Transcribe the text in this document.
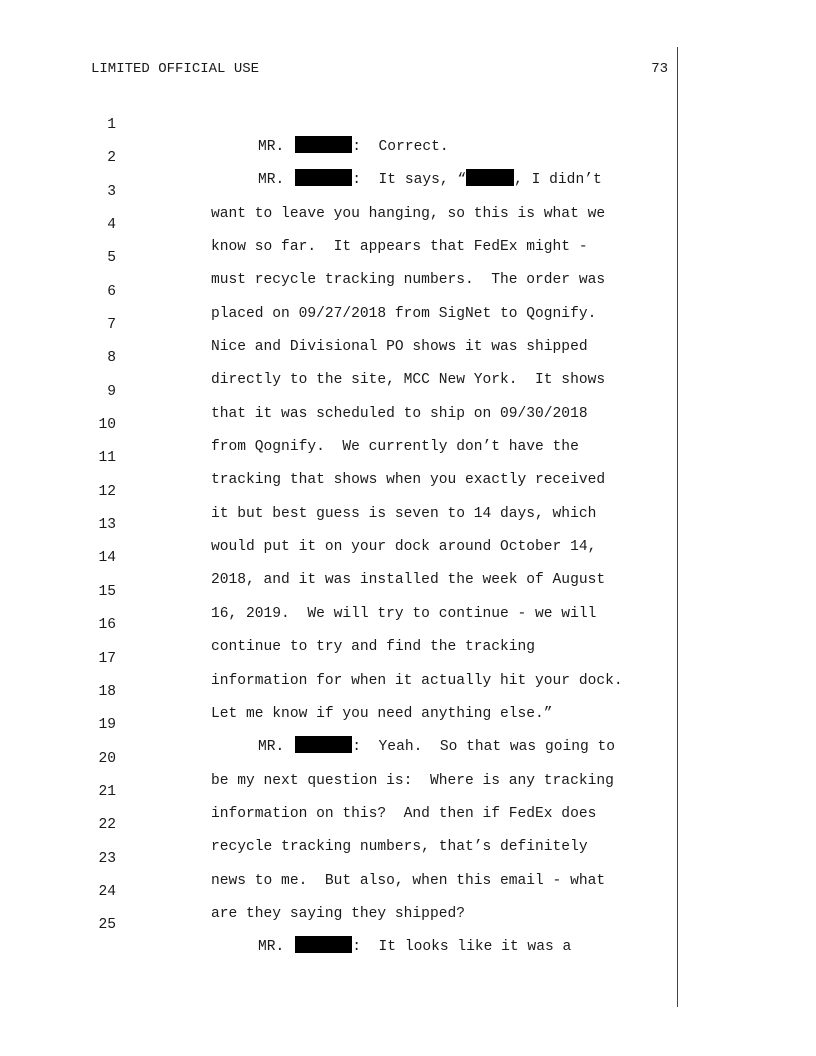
LIMITED OFFICIAL USE	73

1

MR.	:  Correct.

2

MR.	:  It says, “	, I didn’t

3

want to leave you hanging, so this is what we

4

know so far.  It appears that FedEx might -

5

must recycle tracking numbers.  The order was

6

placed on 09/27/2018 from SigNet to Qognify.

7

Nice and Divisional PO shows it was shipped

8

directly to the site, MCC New York.  It shows

9

that it was scheduled to ship on 09/30/2018

10

from Qognify.  We currently don’t have the

11

tracking that shows when you exactly received

12

it but best guess is seven to 14 days, which

13

would put it on your dock around October 14,

14

2018, and it was installed the week of August

15

16, 2019.  We will try to continue - we will

16

continue to try and find the tracking

17

information for when it actually hit your dock.

18

Let me know if you need anything else.”

19

MR.	:  Yeah.  So that was going to

20

be my next question is:  Where is any tracking

21

information on this?  And then if FedEx does

22

recycle tracking numbers, that’s definitely

23

news to me.  But also, when this email - what

24

are they saying they shipped?

25

MR.	:  It looks like it was a
